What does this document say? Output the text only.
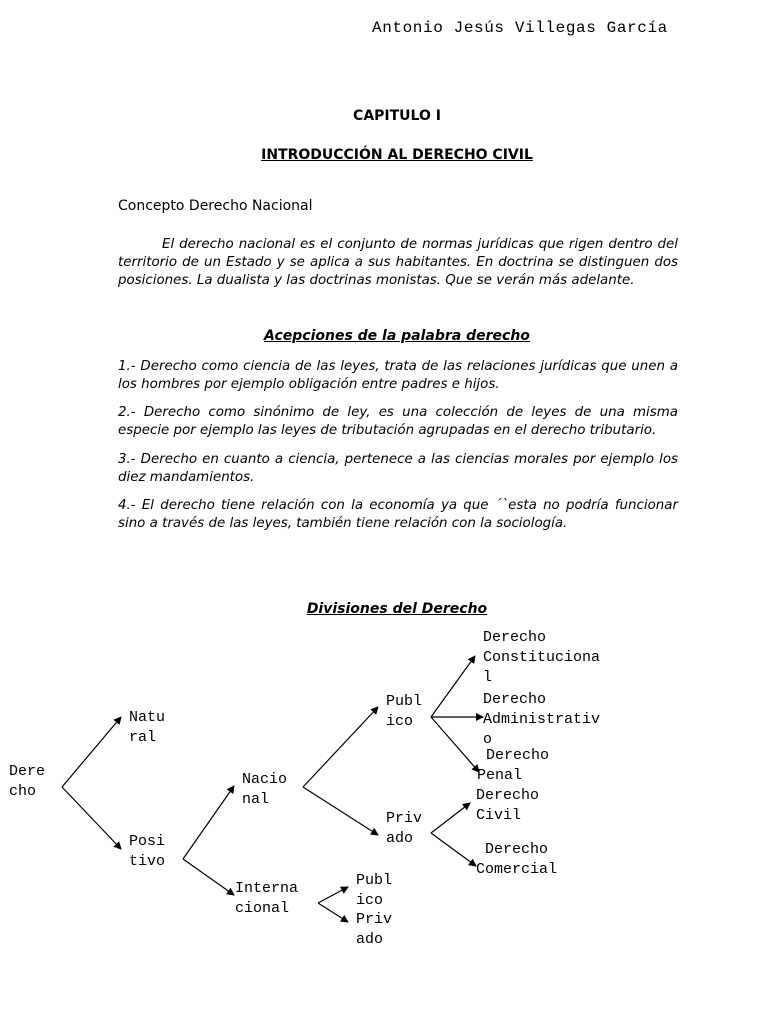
Antonio Jesús Villegas García
CAPITULO I
INTRODUCCIÓN AL DERECHO CIVIL
Concepto Derecho Nacional

El derecho nacional es el conjunto de normas jurídicas que rigen dentro del territorio de un Estado y se aplica a sus habitantes. En doctrina se distinguen dos posiciones. La dualista y las doctrinas monistas. Que se verán más adelante.

Acepciones de la palabra derecho

1.- Derecho como ciencia de las leyes, trata de las relaciones jurídicas que unen a los hombres por ejemplo obligación entre padres e hijos.

2.- Derecho como sinónimo de ley, es una colección de leyes de una misma especie por ejemplo las leyes de tributación agrupadas en el derecho tributario.

3.- Derecho en cuanto a ciencia, pertenece a las ciencias morales por ejemplo los diez mandamientos.

4.- El derecho tiene relación con la economía ya que ´`esta no podría funcionar sino a través de las leyes, también tiene relación con la sociología.

Divisiones del Derecho
Dere
cho
Natu
ral
Posi
tivo
Nacio
nal
Interna
cional
Publ
ico
Priv
ado
Publ
ico
Priv
ado
Derecho
Constituciona
l
Derecho
Administrativ
o
Derecho
Penal
Derecho
Civil
Derecho
Comercial
